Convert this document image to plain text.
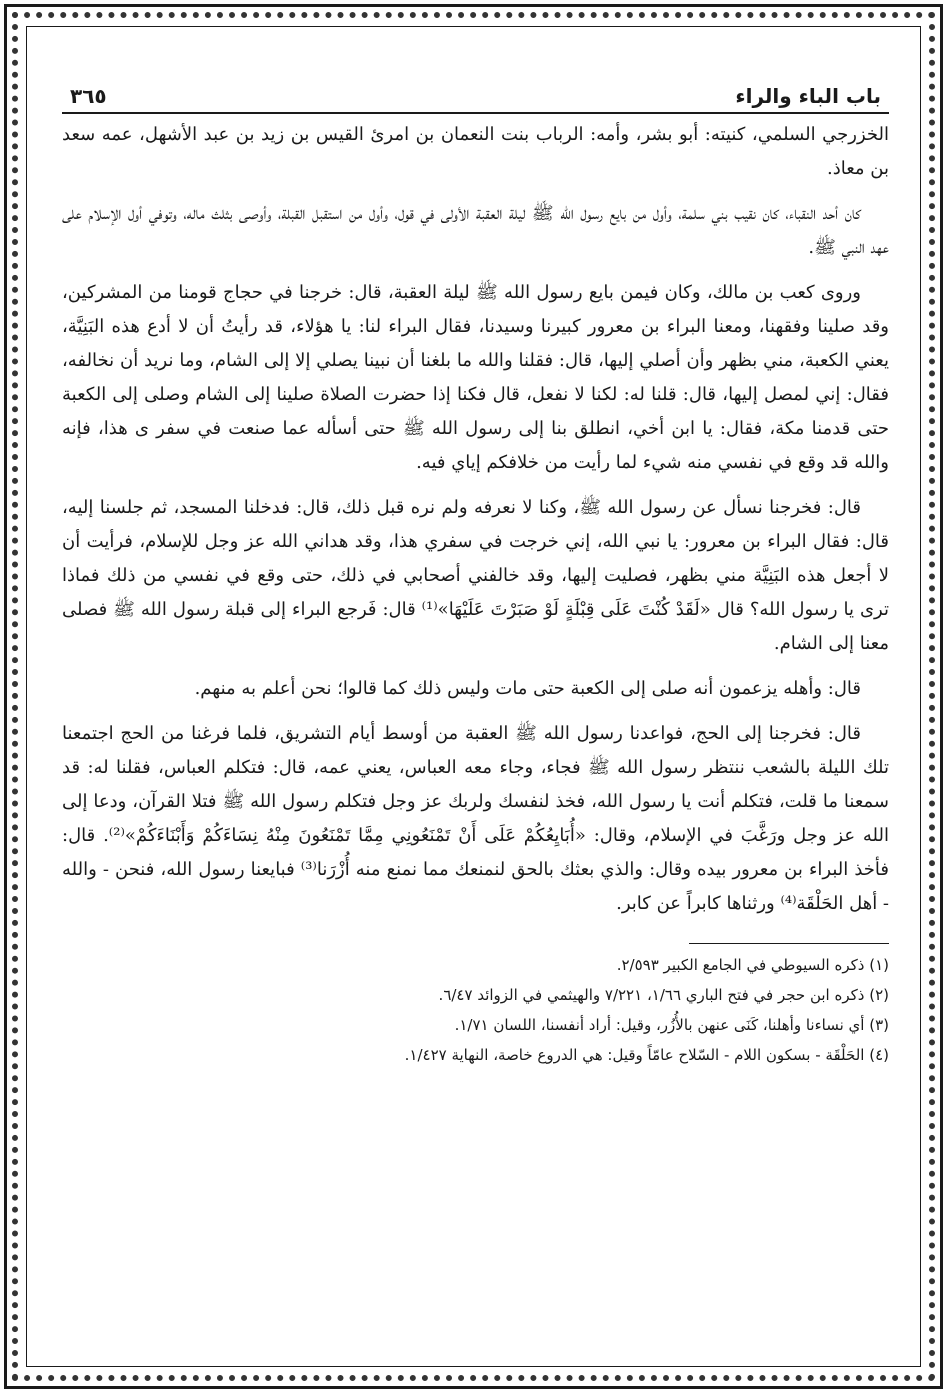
باب الباء والراء
٣٦٥

الخزرجي السلمي، كنيته: أبو بشر، وأمه: الرباب بنت النعمان بن امرئ القيس بن زيد بن عبد الأشهل، عمه سعد بن معاذ.

كان أحد النقباء، كان نقيب بني سلمة، وأول من بايع رسول الله ﷺ ليلة العقبة الأولى في قول، وأول من استقبل القبلة، وأوصى بثلث ماله، وتوفي أول الإسلام على عهد النبي ﷺ.

وروى كعب بن مالك، وكان فيمن بايع رسول الله ﷺ ليلة العقبة، قال: خرجنا في حجاج قومنا من المشركين، وقد صلينا وفقهنا، ومعنا البراء بن معرور كبيرنا وسيدنا، فقال البراء لنا: يا هؤلاء، قد رأيتُ أن لا أدع هذه البَنِيَّة، يعني الكعبة، مني بظهر وأن أصلي إليها، قال: فقلنا والله ما بلغنا أن نبينا يصلي إلا إلى الشام، وما نريد أن نخالفه، فقال: إني لمصل إليها، قال: قلنا له: لكنا لا نفعل، قال فكنا إذا حضرت الصلاة صلينا إلى الشام وصلى إلى الكعبة حتى قدمنا مكة، فقال: يا ابن أخي، انطلق بنا إلى رسول الله ﷺ حتى أسأله عما صنعت في سفر ى هذا، فإنه والله قد وقع في نفسي منه شيء لما رأيت من خلافكم إياي فيه.

قال: فخرجنا نسأل عن رسول الله ﷺ، وكنا لا نعرفه ولم نره قبل ذلك، قال: فدخلنا المسجد، ثم جلسنا إليه، قال: فقال البراء بن معرور: يا نبي الله، إني خرجت في سفري هذا، وقد هداني الله عز وجل للإسلام، فرأيت أن لا أجعل هذه البَنِيَّة مني بظهر، فصليت إليها، وقد خالفني أصحابي في ذلك، حتى وقع في نفسي من ذلك فماذا ترى يا رسول الله؟ قال «لَقَدْ كُنْتَ عَلَى قِبْلَةٍ لَوْ صَبَرْتَ عَلَيْهَا»⁽¹⁾ قال: فَرجع البراء إلى قبلة رسول الله ﷺ فصلى معنا إلى الشام.

قال: وأهله يزعمون أنه صلى إلى الكعبة حتى مات وليس ذلك كما قالوا؛ نحن أعلم به منهم.

قال: فخرجنا إلى الحج، فواعدنا رسول الله ﷺ العقبة من أوسط أيام التشريق، فلما فرغنا من الحج اجتمعنا تلك الليلة بالشعب ننتظر رسول الله ﷺ فجاء، وجاء معه العباس، يعني عمه، قال: فتكلم العباس، فقلنا له: قد سمعنا ما قلت، فتكلم أنت يا رسول الله، فخذ لنفسك ولربك عز وجل فتكلم رسول الله ﷺ فتلا القرآن، ودعا إلى الله عز وجل ورَغَّبَ في الإسلام، وقال: «أُبَايِعُكُمْ عَلَى أَنْ تَمْنَعُونِي مِمَّا تَمْنَعُونَ مِنْهُ نِسَاءَكُمْ وَأَبْنَاءَكُمْ»⁽²⁾. قال: فأخذ البراء بن معرور بيده وقال: والذي بعثك بالحق لنمنعك مما نمنع منه أُزْرَنا⁽³⁾ فبايعنا رسول الله، فنحن - والله - أهل الحَلْقَة⁽⁴⁾ ورثناها كابراً عن كابر.

(١) ذكره السيوطي في الجامع الكبير ٢/٥٩٣.
(٢) ذكره ابن حجر في فتح الباري ١/٦٦، ٧/٢٢١ والهيثمي في الزوائد ٦/٤٧.
(٣) أي نساءنا وأهلنا، كَنَى عنهن بالأُزُر، وقيل: أراد أنفسنا، اللسان ١/٧١.
(٤) الحَلْقَة - بسكون اللام - السّلاح عامّاً وقيل: هي الدروع خاصة، النهاية ١/٤٢٧.
